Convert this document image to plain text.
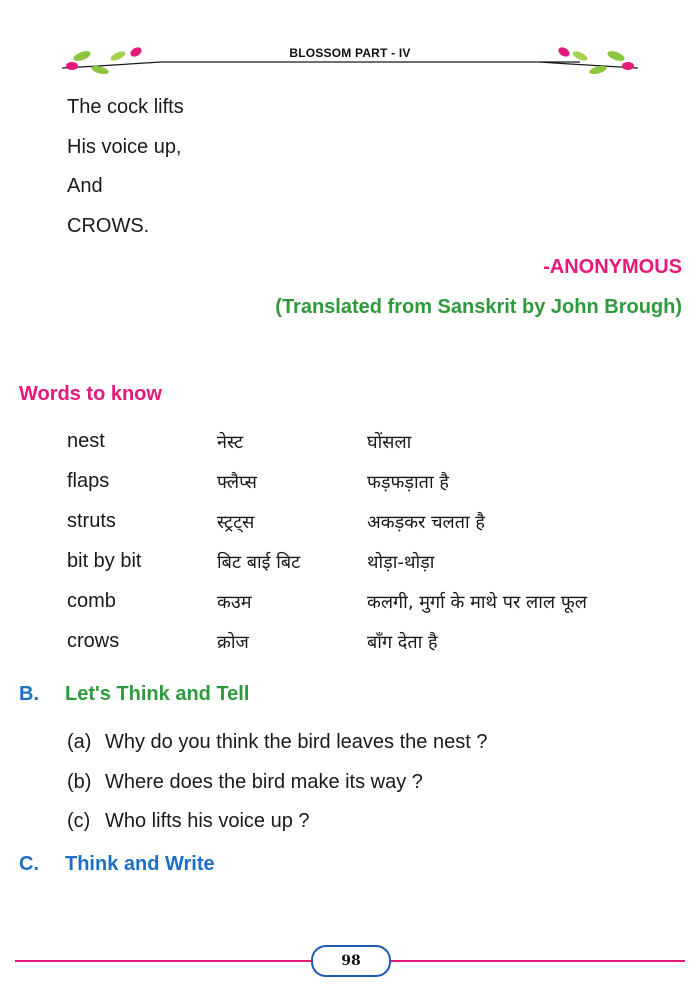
BLOSSOM PART - IV
The cock lifts
His voice up,
And
CROWS.
-ANONYMOUS
(Translated from Sanskrit by John Brough)
Words to know
nest	नेस्ट	घोंसला
flaps	फ्लैप्स	फड़फड़ाता है
struts	स्ट्रट्स	अकड़कर चलता है
bit by bit	बिट बाई बिट	थोड़ा-थोड़ा
comb	कउम	कलगी, मुर्गा के माथे पर लाल फूल
crows	क्रोज	बाँग देता है
B. Let's Think and Tell
(a) Why do you think the bird leaves the nest ?
(b) Where does the bird make its way ?
(c) Who lifts his voice up ?
C. Think and Write
98
